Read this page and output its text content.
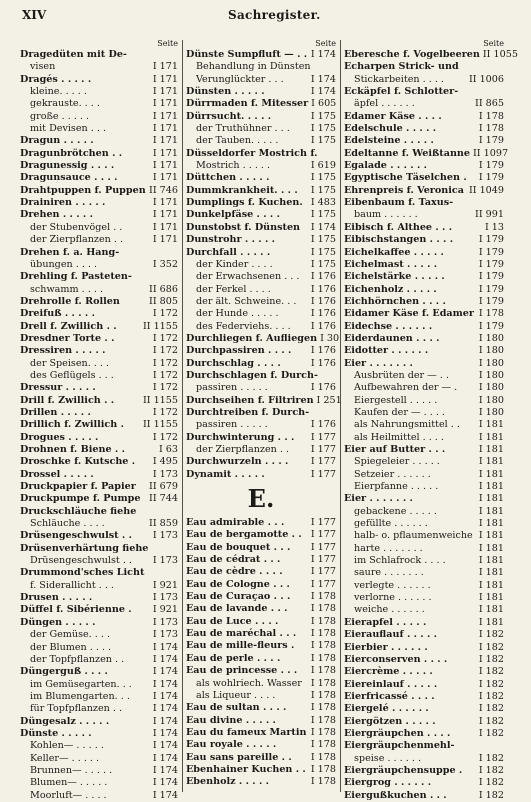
XIV	Sachregister.
Seite
Dragedüten mit De-
visen	I 171
Dragés . . . . .	I 171
kleine. . . . .	I 171
gekrauste. . . .	I 171
große . . . . .	I 171
mit Devisen . . .	I 171
Dragun . . . . .	I 171
Dragunbrötchen . .	I 171
Dragunessig . . . .	I 171
Dragunsauce . . . .	I 171
Drahtpuppen f. Puppen II 746
Drainiren . . . . .	I 171
Drehen . . . . .	I 171
der Stubenvögel . .	I 171
der Zierpflanzen . .	I 171
Drehen f. a. Hang-
übungen . . . .	I 352
Drehling f. Pasteten-
schwamm . . . .	II 686
Drehrolle f. Rollen	II 805
Dreifuß . . . . .	I 172
Drell f. Zwillich . .	II 1155
Dresdner Torte . .	I 172
Dressiren . . . . .	I 172
der Speisen. . . .	I 172
des Geflügels . . .	I 172
Dressur . . . . .	I 172
Drill f. Zwillich . .	II 1155
Drillen . . . . .	I 172
Drillich f. Zwillich .	II 1155
Drogues . . . . .	I 172
Drohnen f. Biene . .	I 63
Droschke f. Kutsche .	I 495
Drossel . . . . .	I 173
Druckpapier f. Papier	II 679
Druckpumpe f. Pumpe II 744
Druckschläuche fiehe
Schläuche . . . .	II 859
Drüsengeschwulst . .	I 173
Drüsenverhärtung fiehe
Drüsengeschwulst . .	I 173
Drummond'sches Licht
f. Siderallicht . . .	I 921
Drusen . . . . .	I 173
Düffel f. Sibérienne .	I 921
Düngen . . . . .	I 173
der Gemüse. . . .	I 173
der Blumen . . . .	I 174
der Topfpflanzen . .	I 174
Düngerguß . . . .	I 174
im Gemüsegarten. . .	I 174
im Blumengarten. . .	I 174
für Topfpflanzen . .	I 174
Düngesalz . . . . .	I 174
Dünste . . . . .	I 174
Kohlen— . . . . .	I 174
Keller— . . . . .	I 174
Brunnen— . . . . .	I 174
Blumen— . . . . .	I 174
Moorluft— . . . .	I 174
Seite
Dünste Sumpfluft — . . I 174
Behandlung in Dünsten
Verunglückter . . .	I 174
Dünsten . . . . .	I 174
Dürrmaden f. Mitesser I 605
Dürrsucht. . . . .	I 175
der Truthühner . . .	I 175
der Tauben. . . . .	I 175
Düsseldorfer Mostrich f.
Mostrich . . . . .	I 619
Düttchen . . . . .	I 175
Dummkrankheit. . . .	I 175
Dumplings f. Kuchen. I 483
Dunkelpfäse . . . .	I 175
Dunstobst f. Dünsten	I 174
Dunstrohr . . . . .	I 175
Durchfall . . . . .	I 175
der Kinder . . . .	I 175
der Erwachsenen . . .	I 176
der Ferkel . . . .	I 176
der ält. Schweine. . .	I 176
der Hunde . . . . .	I 176
des Federviehs. . . .	I 176
Durchliegen f. Aufliegen I 30
Durchpassiren . . . .	I 176
Durchschlag . . . .	I 176
Durchschlagen f. Durch-
passiren . . . . .	I 176
Durchseihen f. Filtriren I 251
Durchtreiben f. Durch-
passiren . . . . .	I 176
Durchwinterung . . .	I 177
der Zierpflanzen . .	I 177
Durchwurzeln . . . .	I 177
Dynamit . . . . .	I 177
E.
Eau admirable . . .	I 177
Eau de bergamotte . . I 177
Eau de bouquet . . .	I 177
Eau de cédrat . . .	I 177
Eau de cèdre . . . .	I 177
Eau de Cologne . . .	I 177
Eau de Curaçao . . .	I 178
Eau de lavande . . .	I 178
Eau de Luce . . . .	I 178
Eau de maréchal . . .	I 178
Eau de mille-fleurs .	I 178
Eau de perle . . . .	I 178
Eau de princesse . . .	I 178
als wohlriech. Wasser I 178
als Liqueur . . . .	I 178
Eau de sultan . . . .	I 178
Eau divine . . . . .	I 178
Eau du fameux Martin I 178
Eau royale . . . . .	I 178
Eau sans pareille . .	I 178
Ebenhainer Kuchen . . I 178
Ebenholz . . . . .	I 178
Seite
Eberesche f. Vogelbeeren II 1055
Echarpen Strick- und
Stickarbeiten . . . .	II 1006
Eckäpfel f. Schlotter-
äpfel . . . . . .	II 865
Edamer Käse . . . .	I 178
Edelschule . . . . .	I 178
Edelsteine . . . . .	I 179
Edeltanne f. Weißtanne II 1097
Egalade . . . . . .	I 179
Egyptische Täselchen .	I 179
Ehrenpreis f. Veronica II 1049
Eibenbaum f. Taxus-
baum . . . . . .	II 991
Eibisch f. Althee . . .	I 13
Eibischstangen . . . .	I 179
Eichelkaffee . . . . .	I 179
Eichelmast . . . . .	I 179
Eichelstärke . . . . .	I 179
Eichenholz . . . . .	I 179
Eichhörnchen . . . .	I 179
Eidamer Käse f. Edamer I 178
Eidechse . . . . . .	I 179
Eiderdaunen . . . .	I 180
Eidotter . . . . . .	I 180
Eier . . . . . . .	I 180
Ausbrüten der — . .	I 180
Aufbewahren der — .	I 180
Eiergestell . . . . .	I 180
Kaufen der — . . . .	I 180
als Nahrungsmittel . .	I 181
als Heilmittel . . . .	I 181
Eier auf Butter . . .	I 181
Spiegeleier . . . . .	I 181
Setzeier . . . . . .	I 181
Eierpfanne . . . . .	I 181
Eier . . . . . . .	I 181
gebackene . . . . .	I 181
gefüllte . . . . . .	I 181
halb- o. pflaumenweiche I 181
harte . . . . . . .	I 181
im Schlafrock . . . .	I 181
saure . . . . . . .	I 181
verlegte . . . . . .	I 181
verlorne . . . . . .	I 181
weiche . . . . . .	I 181
Eierapfel . . . . .	I 181
Eierauflauf . . . . .	I 182
Eierbier . . . . . .	I 182
Eierconserven . . . .	I 182
Eiercrème . . . . .	I 182
Eiereinlauf . . . . .	I 182
Eierfricassé . . . .	I 182
Eiergelé . . . . . .	I 182
Eiergötzen . . . . .	I 182
Eiergräupchen . . . .	I 182
Eiergräupchenmehl-
speise . . . . . .	I 182
Eiergräupchensuppe .	I 182
Eiergrog . . . . . .	I 182
Eiergußkuchen . . .	I 182
